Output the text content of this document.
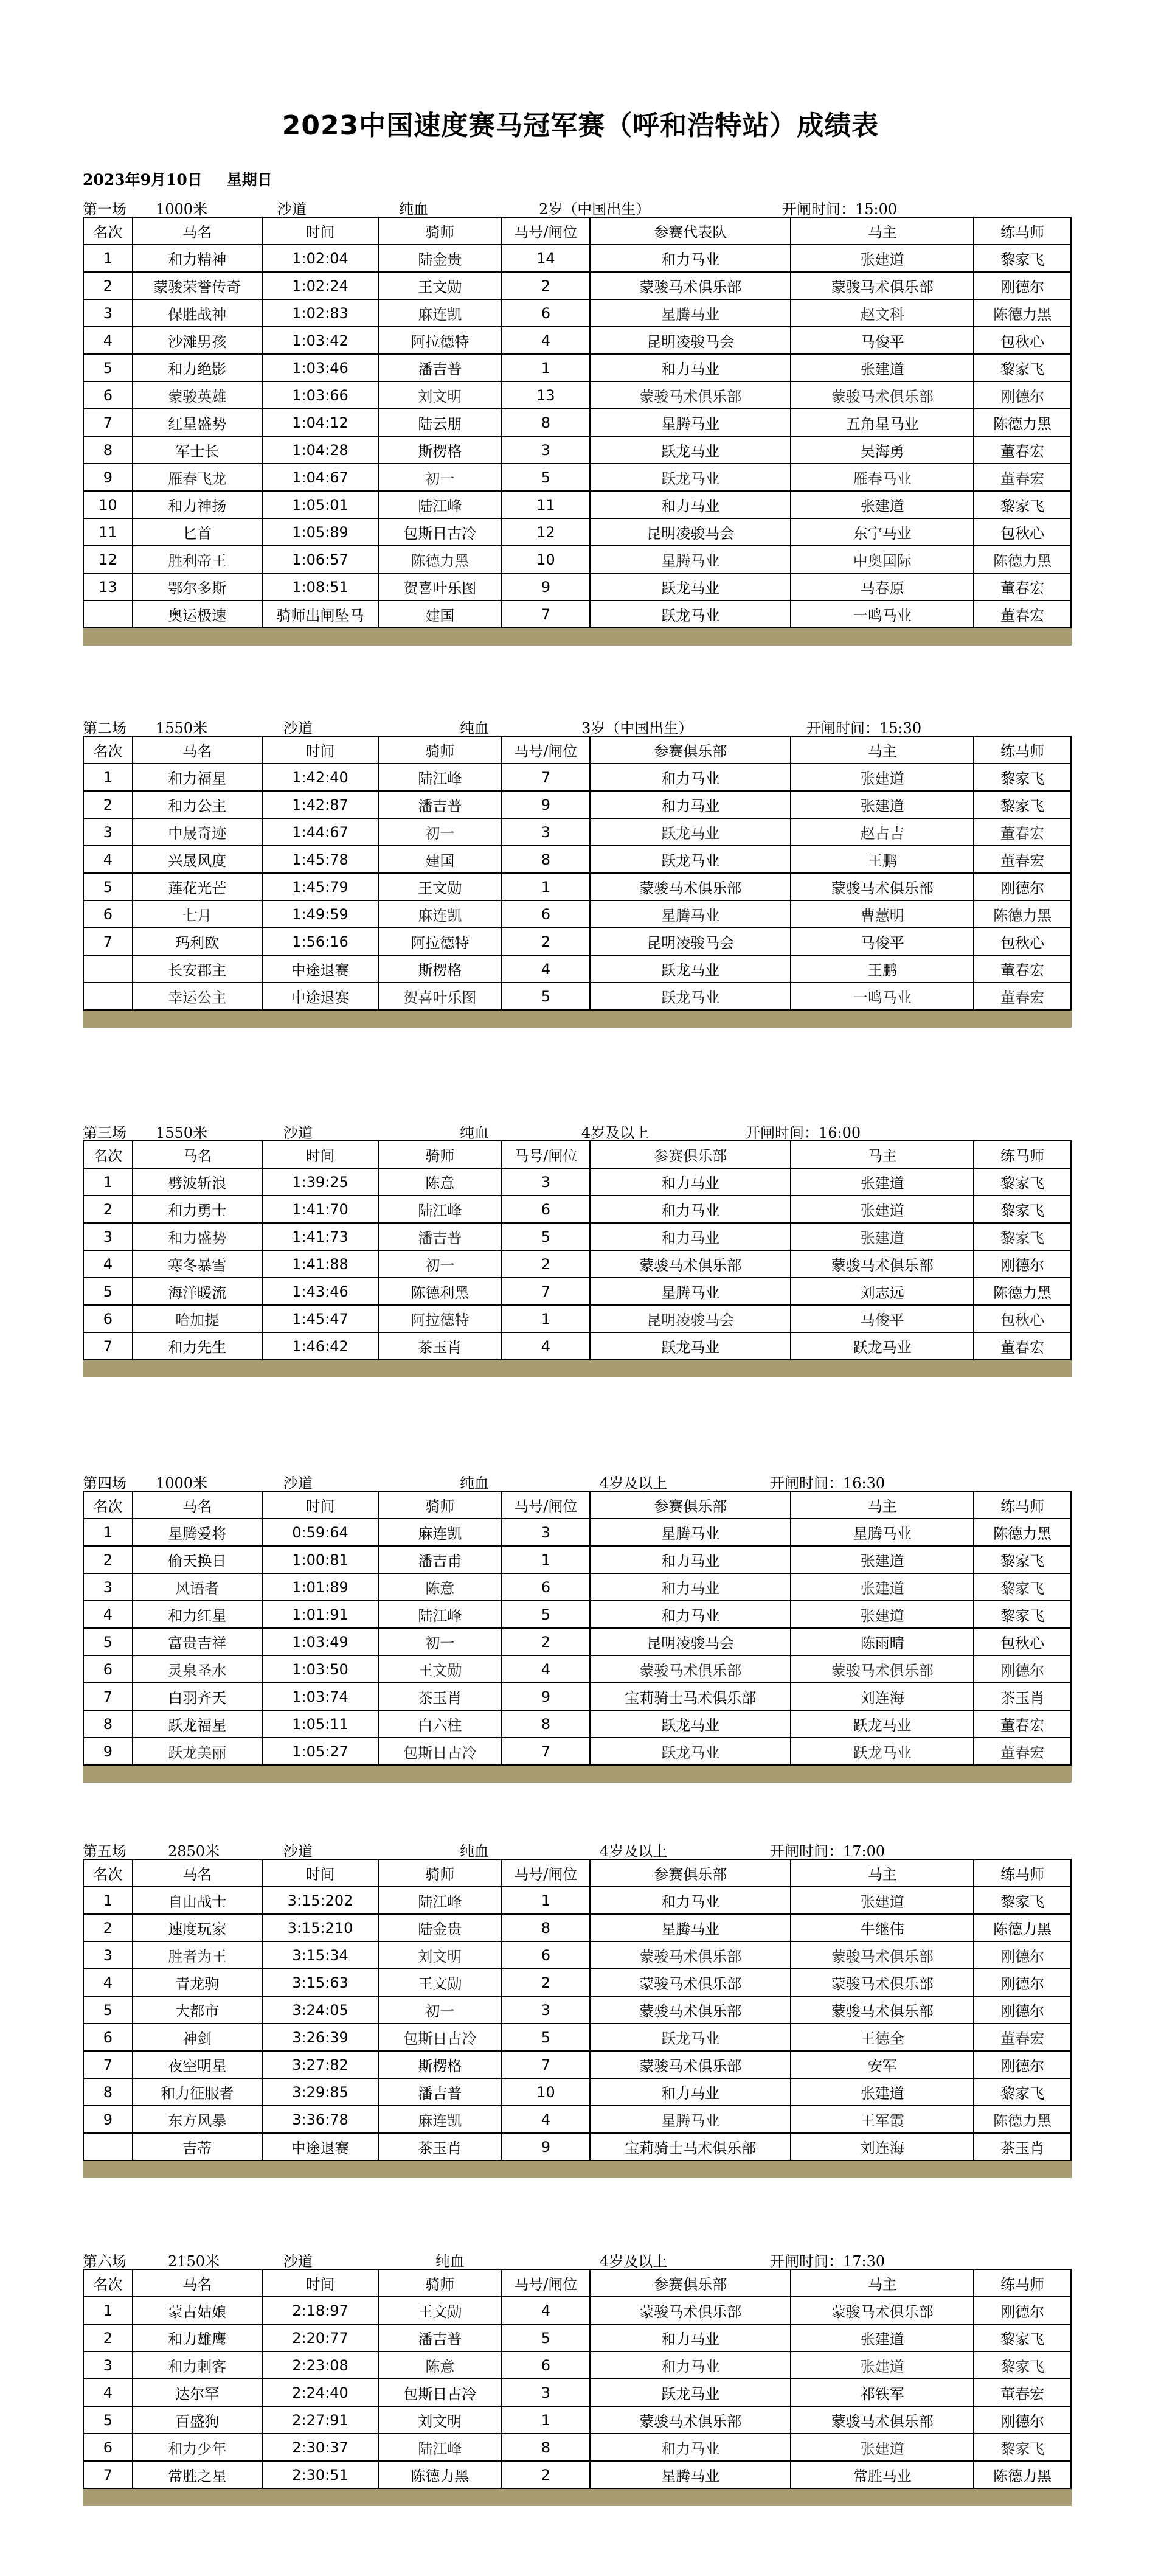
2023中国速度赛马冠军赛（呼和浩特站）成绩表
2023年9月10日 星期日
第一场 1000米	沙道	纯血	2岁（中国出生）	开闸时间：15:00
名次	马名	时间	骑师	马号/闸位	参赛代表队	马主	练马师
1	和力精神	1:02:04	陆金贵	14	和力马业	张建道	黎家飞
2	蒙骏荣誉传奇	1:02:24	王文勋	2	蒙骏马术俱乐部	蒙骏马术俱乐部	刚德尔
3	保胜战神	1:02:83	麻连凯	6	星腾马业	赵文科	陈德力黑
4	沙滩男孩	1:03:42	阿拉德特	4	昆明凌骏马会	马俊平	包秋心
5	和力绝影	1:03:46	潘吉普	1	和力马业	张建道	黎家飞
6	蒙骏英雄	1:03:66	刘文明	13	蒙骏马术俱乐部	蒙骏马术俱乐部	刚德尔
7	红星盛势	1:04:12	陆云朋	8	星腾马业	五角星马业	陈德力黑
8	军士长	1:04:28	斯楞格	3	跃龙马业	吴海勇	董春宏
9	雁春飞龙	1:04:67	初一	5	跃龙马业	雁春马业	董春宏
10	和力神扬	1:05:01	陆江峰	11	和力马业	张建道	黎家飞
11	匕首	1:05:89	包斯日古冷	12	昆明凌骏马会	东宁马业	包秋心
12	胜利帝王	1:06:57	陈德力黑	10	星腾马业	中奥国际	陈德力黑
13	鄂尔多斯	1:08:51	贺喜叶乐图	9	跃龙马业	马春原	董春宏
	奥运极速	骑师出闸坠马	建国	7	跃龙马业	一鸣马业	董春宏
第二场 1550米	沙道	纯血	3岁（中国出生）	开闸时间：15:30
名次	马名	时间	骑师	马号/闸位	参赛俱乐部	马主	练马师
1	和力福星	1:42:40	陆江峰	7	和力马业	张建道	黎家飞
2	和力公主	1:42:87	潘吉普	9	和力马业	张建道	黎家飞
3	中晟奇迹	1:44:67	初一	3	跃龙马业	赵占吉	董春宏
4	兴晟风度	1:45:78	建国	8	跃龙马业	王鹏	董春宏
5	莲花光芒	1:45:79	王文勋	1	蒙骏马术俱乐部	蒙骏马术俱乐部	刚德尔
6	七月	1:49:59	麻连凯	6	星腾马业	曹蕙明	陈德力黑
7	玛利欧	1:56:16	阿拉德特	2	昆明凌骏马会	马俊平	包秋心
	长安郡主	中途退赛	斯楞格	4	跃龙马业	王鹏	董春宏
	幸运公主	中途退赛	贺喜叶乐图	5	跃龙马业	一鸣马业	董春宏
第三场 1550米	沙道	纯血	4岁及以上	开闸时间：16:00
名次	马名	时间	骑师	马号/闸位	参赛俱乐部	马主	练马师
1	劈波斩浪	1:39:25	陈意	3	和力马业	张建道	黎家飞
2	和力勇士	1:41:70	陆江峰	6	和力马业	张建道	黎家飞
3	和力盛势	1:41:73	潘吉普	5	和力马业	张建道	黎家飞
4	寒冬暴雪	1:41:88	初一	2	蒙骏马术俱乐部	蒙骏马术俱乐部	刚德尔
5	海洋暖流	1:43:46	陈德利黑	7	星腾马业	刘志远	陈德力黑
6	哈加提	1:45:47	阿拉德特	1	昆明凌骏马会	马俊平	包秋心
7	和力先生	1:46:42	茶玉肖	4	跃龙马业	跃龙马业	董春宏
第四场 1000米	沙道	纯血	4岁及以上	开闸时间：16:30
名次	马名	时间	骑师	马号/闸位	参赛俱乐部	马主	练马师
1	星腾爱将	0:59:64	麻连凯	3	星腾马业	星腾马业	陈德力黑
2	偷天换日	1:00:81	潘吉甫	1	和力马业	张建道	黎家飞
3	风语者	1:01:89	陈意	6	和力马业	张建道	黎家飞
4	和力红星	1:01:91	陆江峰	5	和力马业	张建道	黎家飞
5	富贵吉祥	1:03:49	初一	2	昆明凌骏马会	陈雨晴	包秋心
6	灵泉圣水	1:03:50	王文勋	4	蒙骏马术俱乐部	蒙骏马术俱乐部	刚德尔
7	白羽齐天	1:03:74	茶玉肖	9	宝莉骑士马术俱乐部	刘连海	茶玉肖
8	跃龙福星	1:05:11	白六柱	8	跃龙马业	跃龙马业	董春宏
9	跃龙美丽	1:05:27	包斯日古冷	7	跃龙马业	跃龙马业	董春宏
第五场	2850米	沙道	纯血	4岁及以上	开闸时间：17:00
名次	马名	时间	骑师	马号/闸位	参赛俱乐部	马主	练马师
1	自由战士	3:15:202	陆江峰	1	和力马业	张建道	黎家飞
2	速度玩家	3:15:210	陆金贵	8	星腾马业	牛继伟	陈德力黑
3	胜者为王	3:15:34	刘文明	6	蒙骏马术俱乐部	蒙骏马术俱乐部	刚德尔
4	青龙驹	3:15:63	王文勋	2	蒙骏马术俱乐部	蒙骏马术俱乐部	刚德尔
5	大都市	3:24:05	初一	3	蒙骏马术俱乐部	蒙骏马术俱乐部	刚德尔
6	神剑	3:26:39	包斯日古冷	5	跃龙马业	王德全	董春宏
7	夜空明星	3:27:82	斯楞格	7	蒙骏马术俱乐部	安军	刚德尔
8	和力征服者	3:29:85	潘吉普	10	和力马业	张建道	黎家飞
9	东方风暴	3:36:78	麻连凯	4	星腾马业	王军霞	陈德力黑
	吉蒂	中途退赛	茶玉肖	9	宝莉骑士马术俱乐部	刘连海	茶玉肖
第六场	2150米	沙道	纯血	4岁及以上	开闸时间：17:30
名次	马名	时间	骑师	马号/闸位	参赛俱乐部	马主	练马师
1	蒙古姑娘	2:18:97	王文勋	4	蒙骏马术俱乐部	蒙骏马术俱乐部	刚德尔
2	和力雄鹰	2:20:77	潘吉普	5	和力马业	张建道	黎家飞
3	和力刺客	2:23:08	陈意	6	和力马业	张建道	黎家飞
4	达尔罕	2:24:40	包斯日古冷	3	跃龙马业	祁铁军	董春宏
5	百盛狗	2:27:91	刘文明	1	蒙骏马术俱乐部	蒙骏马术俱乐部	刚德尔
6	和力少年	2:30:37	陆江峰	8	和力马业	张建道	黎家飞
7	常胜之星	2:30:51	陈德力黑	2	星腾马业	常胜马业	陈德力黑
